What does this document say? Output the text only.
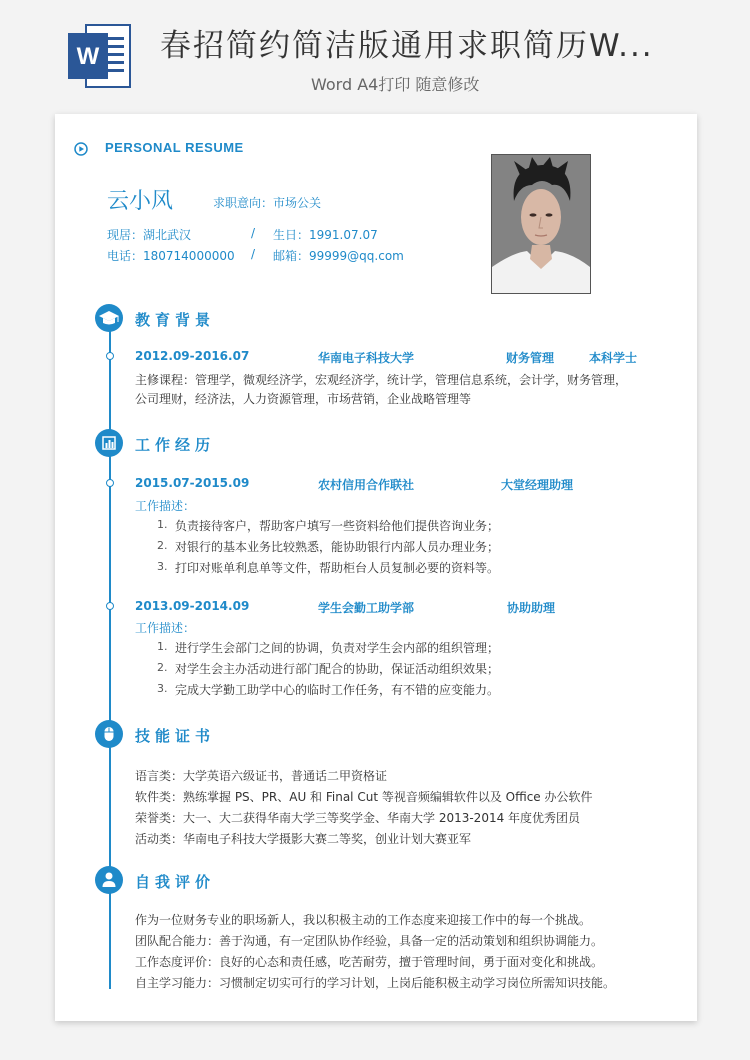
W 春招简约简洁版通用求职简历W...
Word A4打印 随意修改
PERSONAL RESUME
云小风	求职意向：市场公关
现居：湖北武汉	/ 生日：1991.07.07
电话：180714000000 / 邮箱：99999@qq.com
教育背景
2012.09-2016.07	华南电子科技大学	财务管理	本科学士
主修课程：管理学，微观经济学，宏观经济学，统计学，管理信息系统，会计学，财务管理，
公司理财，经济法，人力资源管理，市场营销，企业战略管理等
工作经历
2015.07-2015.09	农村信用合作联社	大堂经理助理
工作描述：
1. 负责接待客户，帮助客户填写一些资料给他们提供咨询业务；
2. 对银行的基本业务比较熟悉，能协助银行内部人员办理业务；
3. 打印对账单利息单等文件，帮助柜台人员复制必要的资料等。
2013.09-2014.09	学生会勤工助学部	协助助理
工作描述：
1. 进行学生会部门之间的协调，负责对学生会内部的组织管理；
2. 对学生会主办活动进行部门配合的协助，保证活动组织效果；
3. 完成大学勤工助学中心的临时工作任务，有不错的应变能力。
技能证书
语言类：大学英语六级证书，普通话二甲资格证
软件类：熟练掌握 PS、PR、AU 和 Final Cut 等视音频编辑软件以及 Office 办公软件
荣誉类：大一、大二获得华南大学三等奖学金、华南大学 2013-2014 年度优秀团员
活动类：华南电子科技大学摄影大赛二等奖，创业计划大赛亚军
自我评价
作为一位财务专业的职场新人，我以积极主动的工作态度来迎接工作中的每一个挑战。
团队配合能力：善于沟通，有一定团队协作经验，具备一定的活动策划和组织协调能力。
工作态度评价：良好的心态和责任感，吃苦耐劳，擅于管理时间，勇于面对变化和挑战。
自主学习能力：习惯制定切实可行的学习计划，上岗后能积极主动学习岗位所需知识技能。
